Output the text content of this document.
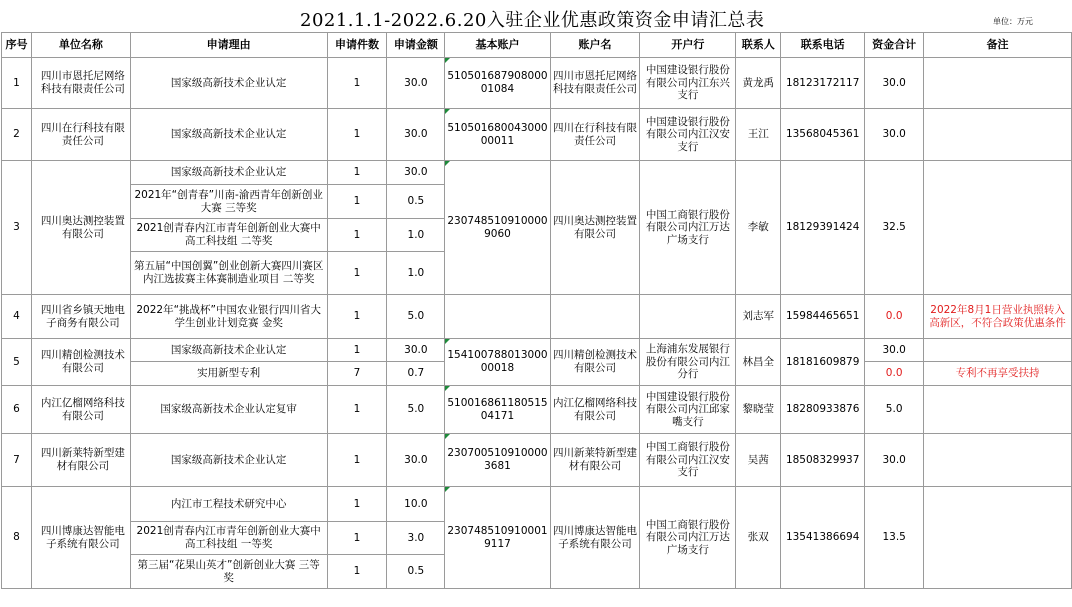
2021.1.1-2022.6.20入驻企业优惠政策资金申请汇总表	单位：万元
序号	单位名称	申请理由	申请件数	申请金额	基本账户	账户名	开户行	联系人	联系电话	资金合计	备注
1	四川市恩托尼网络科技有限责任公司	国家级高新技术企业认定	1	30.0	510501687908000 01084	四川市恩托尼网络科技有限责任公司	中国建设银行股份有限公司内江东兴支行	黄龙禹	18123172117	30.0	
2	四川在行科技有限责任公司	国家级高新技术企业认定	1	30.0	510501680043000 00011	四川在行科技有限责任公司	中国建设银行股份有限公司内江汉安支行	王江	13568045361	30.0	
3	四川奥达测控装置有限公司	国家级高新技术企业认定	1	30.0	230748510910000 9060	四川奥达测控装置有限公司	中国工商银行股份有限公司内江万达广场支行	李敏	18129391424	32.5	
		2021年“创青春”川南-渝西青年创新创业大赛 三等奖	1	0.5							
		2021创青春内江市青年创新创业大赛中高工科技组 二等奖	1	1.0							
		第五届“中国创翼”创业创新大赛四川赛区内江选拔赛主体赛制造业项目 二等奖	1	1.0							
4	四川省乡镇天地电子商务有限公司	2022年“挑战杯”中国农业银行四川省大学生创业计划竞赛 金奖	1	5.0				刘志军	15984465651	0.0	2022年8月1日营业执照转入高新区，不符合政策优惠条件
5	四川精创检测技术有限公司	国家级高新技术企业认定	1	30.0	154100788013000 00018	四川精创检测技术有限公司	上海浦东发展银行股份有限公司内江分行	林昌全	18181609879	30.0	
		实用新型专利	7	0.7						0.0	专利不再享受扶持
6	内江亿榴网络科技有限公司	国家级高新技术企业认定复审	1	5.0	510016861180515 04171	内江亿榴网络科技有限公司	中国建设银行股份有限公司内江邱家嘴支行	黎晓莹	18280933876	5.0	
7	四川新莱特新型建材有限公司	国家级高新技术企业认定	1	30.0	230700510910000 3681	四川新莱特新型建材有限公司	中国工商银行股份有限公司内江汉安支行	吴茜	18508329937	30.0	
8	四川博康达智能电子系统有限公司	内江市工程技术研究中心	1	10.0	230748510910001 9117	四川博康达智能电子系统有限公司	中国工商银行股份有限公司内江万达广场支行	张双	13541386694	13.5	
		2021创青春内江市青年创新创业大赛中高工科技组 一等奖	1	3.0							
		第三届“花果山英才”创新创业大赛 三等奖	1	0.5							
